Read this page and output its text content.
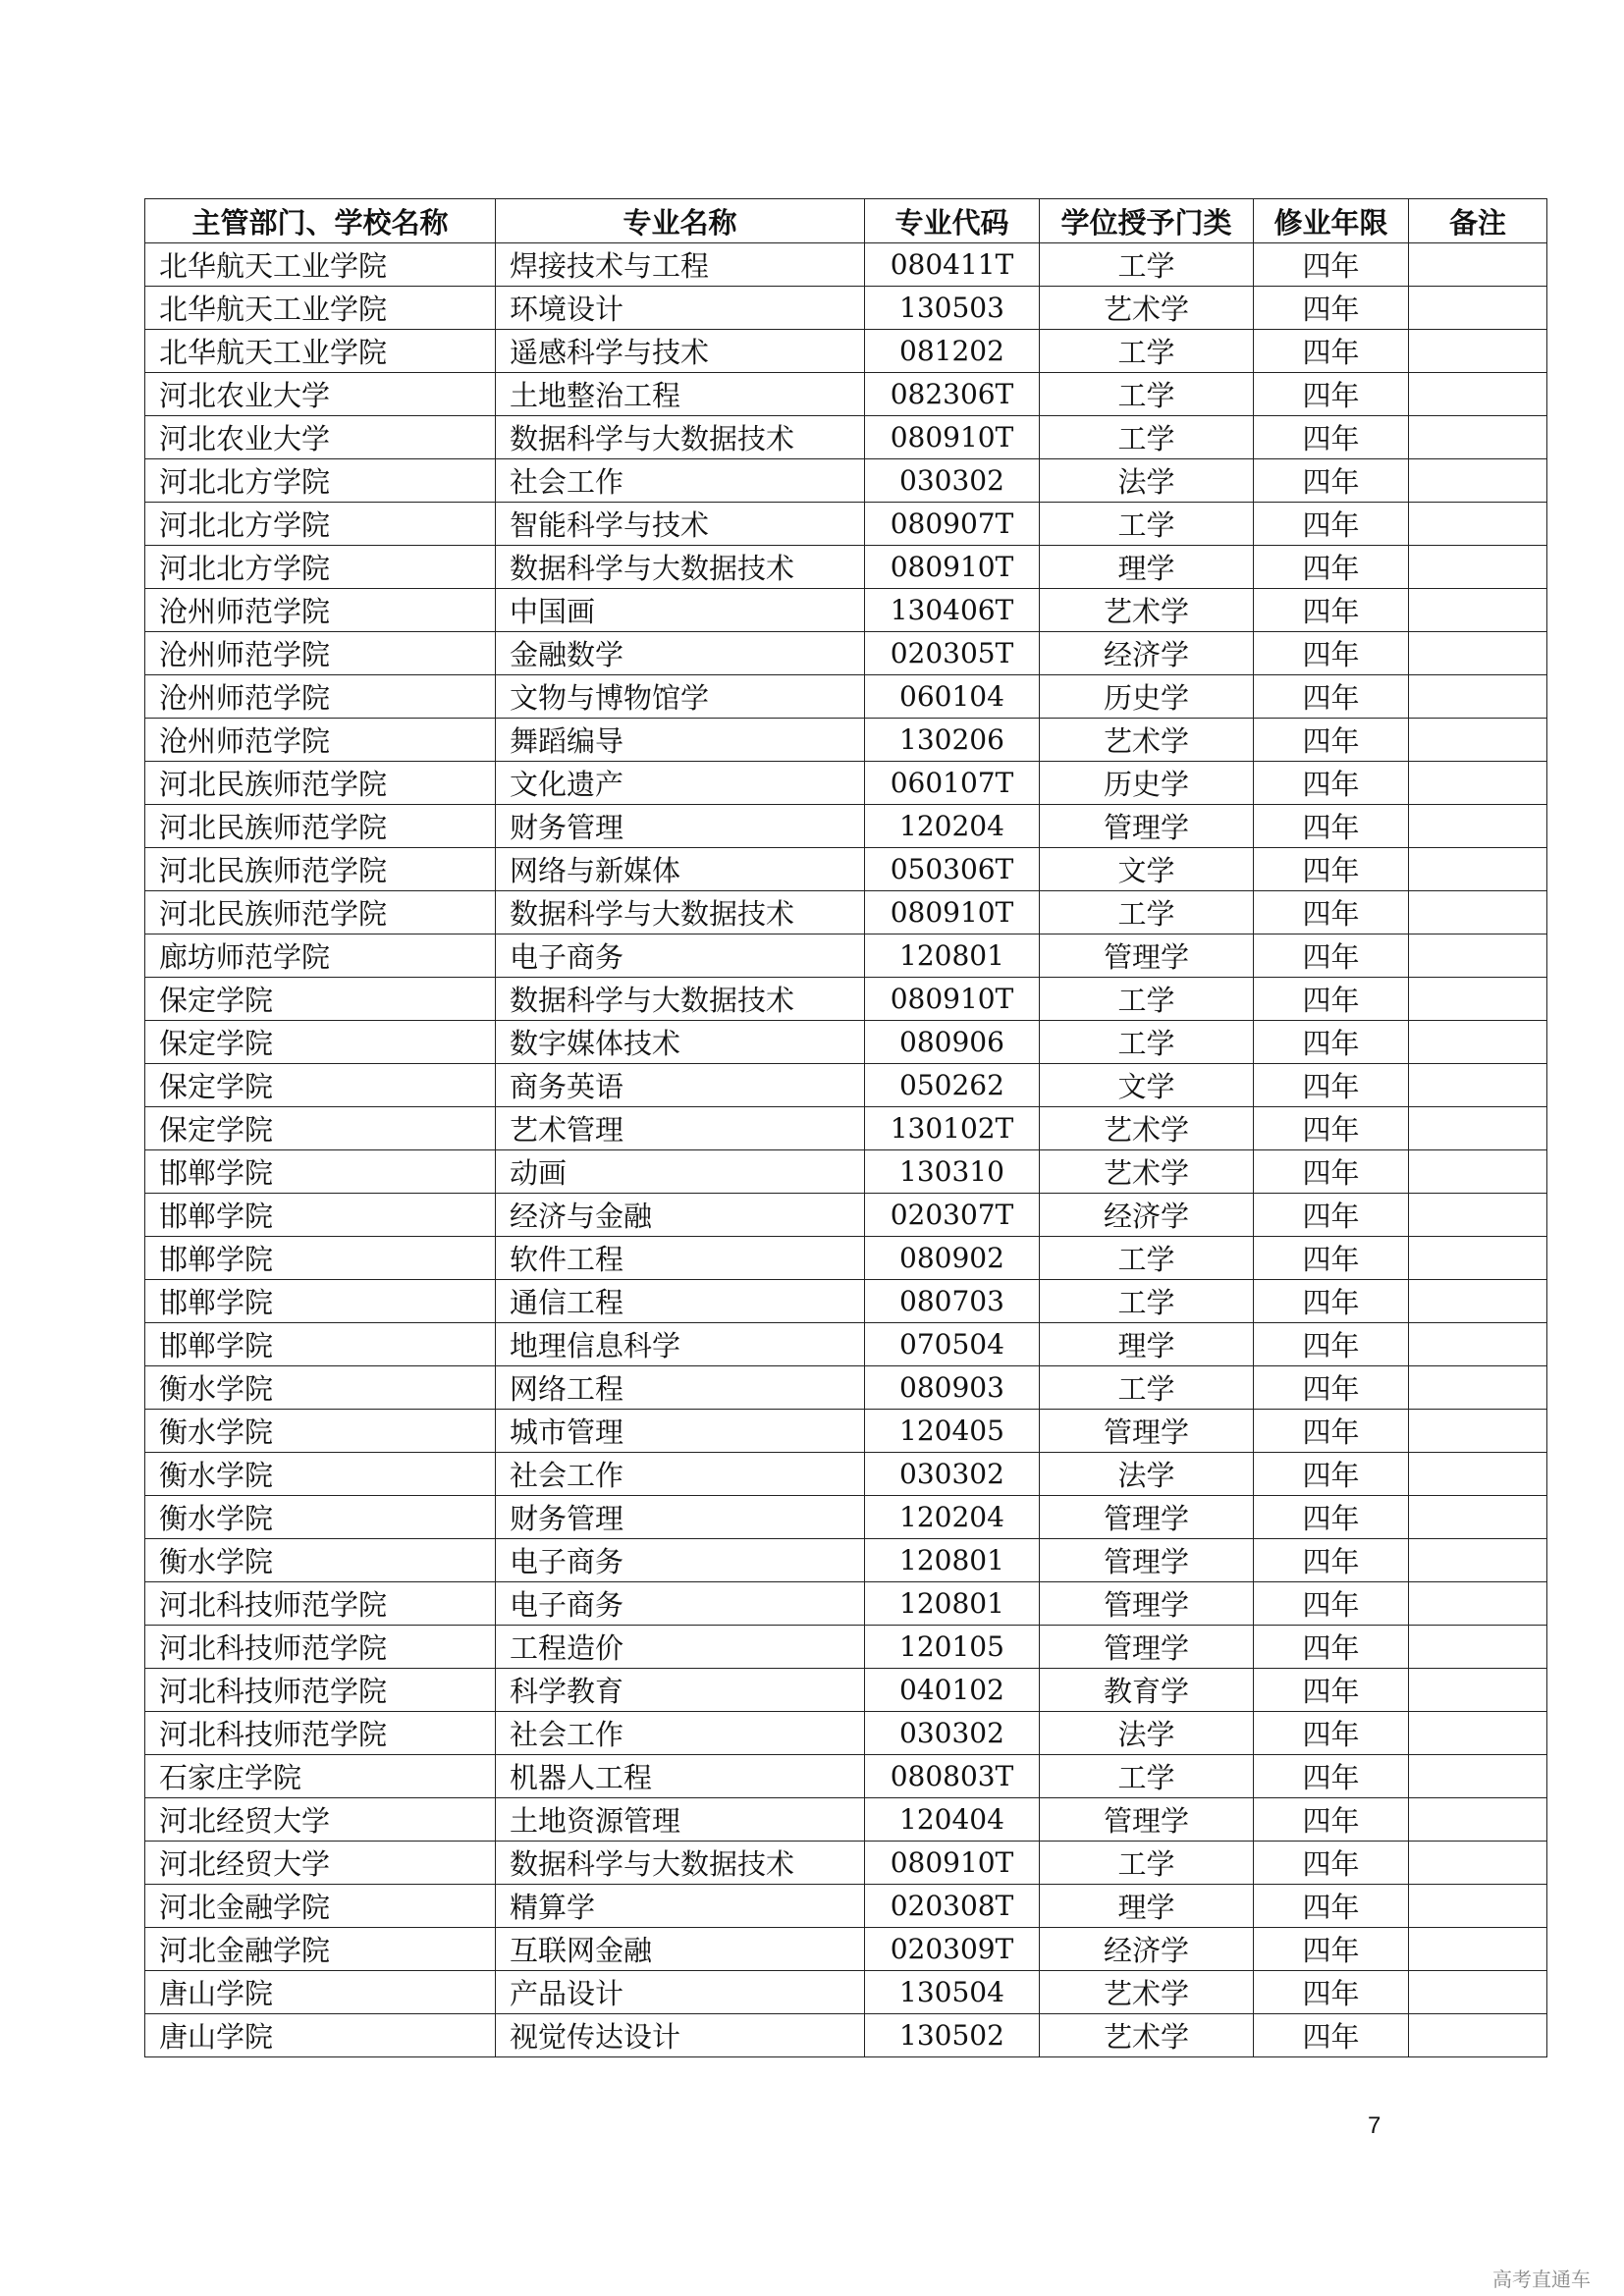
主管部门、学校名称	专业名称	专业代码	学位授予门类	修业年限	备注
北华航天工业学院	焊接技术与工程	080411T	工学	四年	
北华航天工业学院	环境设计	130503	艺术学	四年	
北华航天工业学院	遥感科学与技术	081202	工学	四年	
河北农业大学	土地整治工程	082306T	工学	四年	
河北农业大学	数据科学与大数据技术	080910T	工学	四年	
河北北方学院	社会工作	030302	法学	四年	
河北北方学院	智能科学与技术	080907T	工学	四年	
河北北方学院	数据科学与大数据技术	080910T	理学	四年	
沧州师范学院	中国画	130406T	艺术学	四年	
沧州师范学院	金融数学	020305T	经济学	四年	
沧州师范学院	文物与博物馆学	060104	历史学	四年	
沧州师范学院	舞蹈编导	130206	艺术学	四年	
河北民族师范学院	文化遗产	060107T	历史学	四年	
河北民族师范学院	财务管理	120204	管理学	四年	
河北民族师范学院	网络与新媒体	050306T	文学	四年	
河北民族师范学院	数据科学与大数据技术	080910T	工学	四年	
廊坊师范学院	电子商务	120801	管理学	四年	
保定学院	数据科学与大数据技术	080910T	工学	四年	
保定学院	数字媒体技术	080906	工学	四年	
保定学院	商务英语	050262	文学	四年	
保定学院	艺术管理	130102T	艺术学	四年	
邯郸学院	动画	130310	艺术学	四年	
邯郸学院	经济与金融	020307T	经济学	四年	
邯郸学院	软件工程	080902	工学	四年	
邯郸学院	通信工程	080703	工学	四年	
邯郸学院	地理信息科学	070504	理学	四年	
衡水学院	网络工程	080903	工学	四年	
衡水学院	城市管理	120405	管理学	四年	
衡水学院	社会工作	030302	法学	四年	
衡水学院	财务管理	120204	管理学	四年	
衡水学院	电子商务	120801	管理学	四年	
河北科技师范学院	电子商务	120801	管理学	四年	
河北科技师范学院	工程造价	120105	管理学	四年	
河北科技师范学院	科学教育	040102	教育学	四年	
河北科技师范学院	社会工作	030302	法学	四年	
石家庄学院	机器人工程	080803T	工学	四年	
河北经贸大学	土地资源管理	120404	管理学	四年	
河北经贸大学	数据科学与大数据技术	080910T	工学	四年	
河北金融学院	精算学	020308T	理学	四年	
河北金融学院	互联网金融	020309T	经济学	四年	
唐山学院	产品设计	130504	艺术学	四年	
唐山学院	视觉传达设计	130502	艺术学	四年	
7
高考直通车
